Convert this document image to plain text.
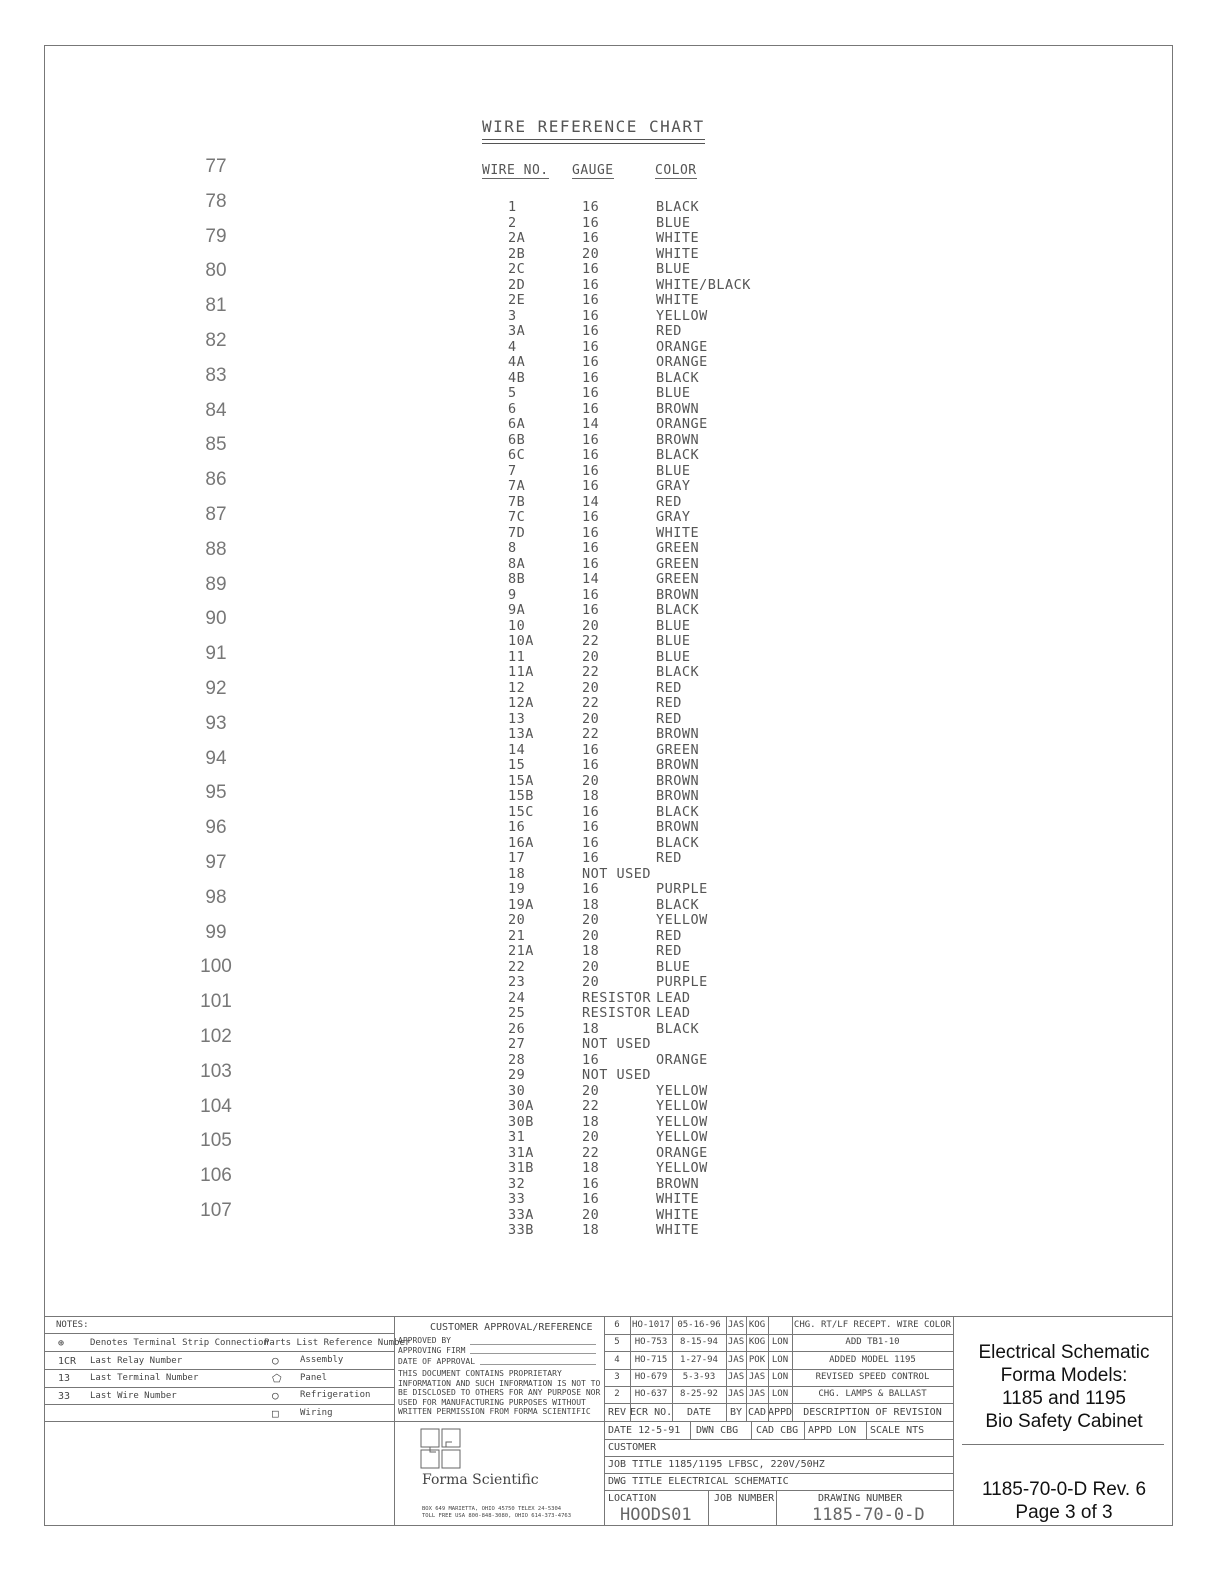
WIRE REFERENCE CHART
WIRE NO. GAUGE	COLOR
1	16	BLACK
2	16	BLUE
2A	16	WHITE
2B	20	WHITE
2C	16	BLUE
2D	16	WHITE/BLACK
2E	16	WHITE
3	16	YELLOW
3A	16	RED
4	16	ORANGE
4A	16	ORANGE
4B	16	BLACK
5	16	BLUE
6	16	BROWN
6A	14	ORANGE
6B	16	BROWN
6C	16	BLACK
7	16	BLUE
7A	16	GRAY
7B	14	RED
7C	16	GRAY
7D	16	WHITE
8	16	GREEN
8A	16	GREEN
8B	14	GREEN
9	16	BROWN
9A	16	BLACK
10	20	BLUE
10A	22	BLUE
11	20	BLUE
11A	22	BLACK
12	20	RED
12A	22	RED
13	20	RED
13A	22	BROWN
14	16	GREEN
15	16	BROWN
15A	20	BROWN
15B	18	BROWN
15C	16	BLACK
16	16	BROWN
16A	16	BLACK
17	16	RED
18	NOT USED
19	16	PURPLE
19A	18	BLACK
20	20	YELLOW
21	20	RED
21A	18	RED
22	20	BLUE
23	20	PURPLE
24	RESISTOR LEAD
25	RESISTOR LEAD
26	18	BLACK
27	NOT USED
28	16	ORANGE
29	NOT USED
30	20	YELLOW
30A	22	YELLOW
30B	18	YELLOW
31	20	YELLOW
31A	22	ORANGE
31B	18	YELLOW
32	16	BROWN
33	16	WHITE
33A	20	WHITE
33B	18	WHITE
77
78
79
80
81
82
83
84
85
86
87
88
89
90
91
92
93
94
95
96
97
98
99
100
101
102
103
104
105
106
107
NOTES:
Parts List Reference Number
⊕	Denotes Terminal Strip Connection
1CR Last Relay Number
13 Last Terminal Number
33 Last Wire Number
○ Assembly
⬠ Panel
○ Refrigeration
□ Wiring
CUSTOMER APPROVAL/REFERENCE
APPROVED BY
APPROVING FIRM
DATE OF APPROVAL
THIS DOCUMENT CONTAINS PROPRIETARY
INFORMATION AND SUCH INFORMATION IS NOT TO
BE DISCLOSED TO OTHERS FOR ANY PURPOSE NOR
USED FOR MANUFACTURING PURPOSES WITHOUT
WRITTEN PERMISSION FROM FORMA SCIENTIFIC
Forma Scientific
BOX 649 MARIETTA, OHIO 45750 TELEX 24-5304
TOLL FREE USA 800-848-3080, OHIO 614-373-4763
6	HO-1017 05-16-96 JAS KOG	CHG. RT/LF RECEPT. WIRE COLOR
5	HO-753	8-15-94	JAS KOG LON	ADD TB1-10
4	HO-715	1-27-94	JAS POK LON	ADDED MODEL 1195
3	HO-679	5-3-93	JAS JAS LON	REVISED SPEED CONTROL
2	HO-637	8-25-92	JAS JAS LON	CHG. LAMPS & BALLAST
REV ECR NO.	DATE	BY CAD APPD	DESCRIPTION OF REVISION
DATE 12-5-91 DWN CBG CAD CBG APPD LON SCALE NTS
CUSTOMER
JOB TITLE 1185/1195 LFBSC, 220V/50HZ
DWG TITLE ELECTRICAL SCHEMATIC
LOCATION
HOODS01
JOB NUMBER	DRAWING NUMBER
1185-70-0-D
Electrical Schematic
Forma Models:
1185 and 1195
Bio Safety Cabinet
1185-70-0-D Rev. 6
Page 3 of 3
